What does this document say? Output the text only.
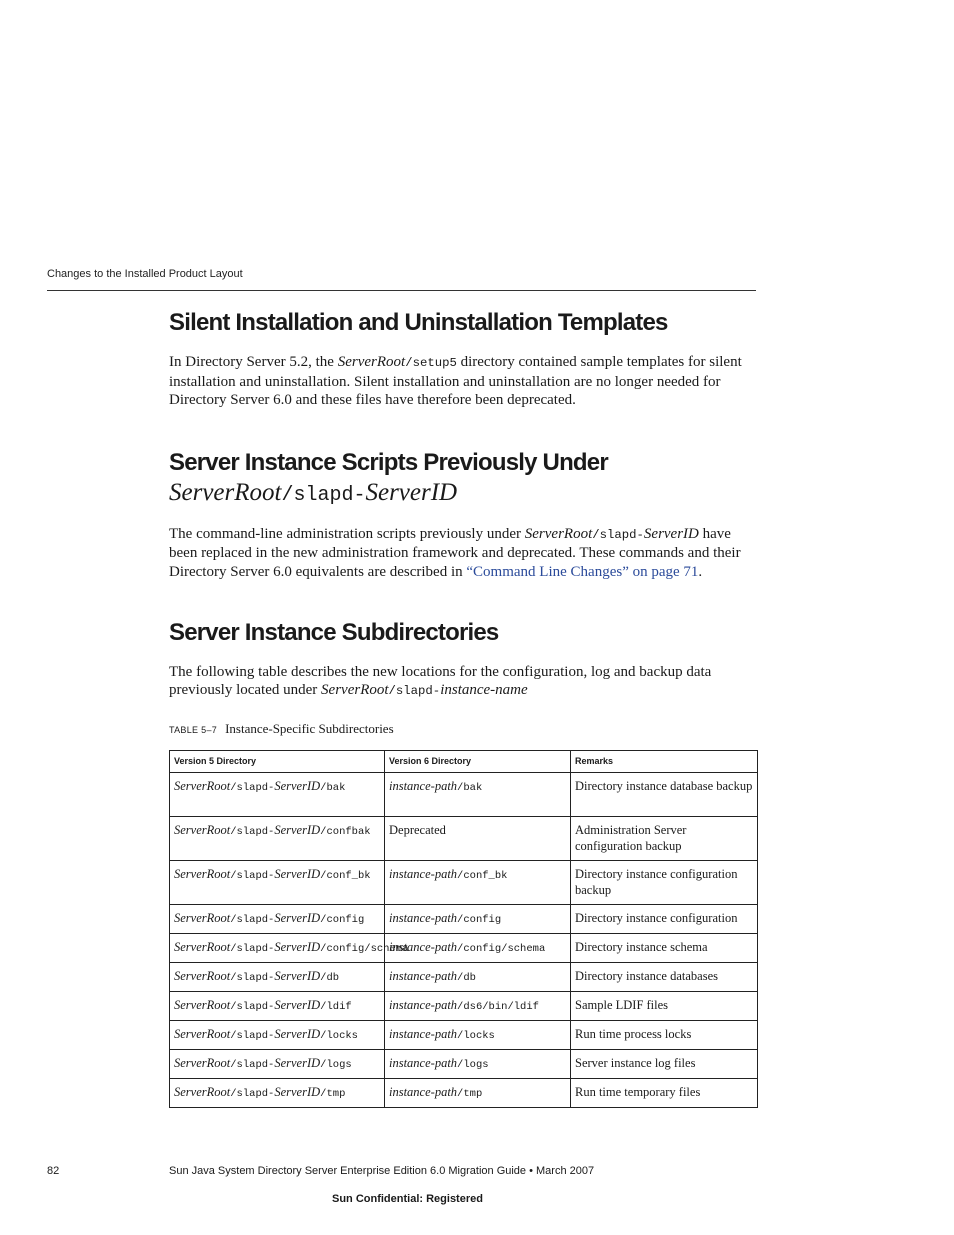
Changes to the Installed Product Layout
Silent Installation and Uninstallation Templates

In Directory Server 5.2, the ServerRoot/setup5 directory contained sample templates for silent installation and uninstallation. Silent installation and uninstallation are no longer needed for Directory Server 6.0 and these files have therefore been deprecated.

Server Instance Scripts Previously Under
ServerRoot/slapd-ServerID

The command-line administration scripts previously under ServerRoot/slapd-ServerID have been replaced in the new administration framework and deprecated. These commands and their Directory Server 6.0 equivalents are described in “Command Line Changes” on page 71.

Server Instance Subdirectories

The following table describes the new locations for the configuration, log and backup data previously located under ServerRoot/slapd-instance-name

TABLE 5–7 Instance-Specific Subdirectories
Version 5 Directory	Version 6 Directory	Remarks
ServerRoot/slapd-ServerID/bak	instance-path/bak	Directory instance database backup
ServerRoot/slapd-ServerID/confbak	Deprecated	Administration Server configuration backup
ServerRoot/slapd-ServerID/conf_bk	instance-path/conf_bk	Directory instance configuration backup
ServerRoot/slapd-ServerID/config	instance-path/config	Directory instance configuration
ServerRoot/slapd-ServerID/config/schema	instance-path/config/schema	Directory instance schema
ServerRoot/slapd-ServerID/db	instance-path/db	Directory instance databases
ServerRoot/slapd-ServerID/ldif	instance-path/ds6/bin/ldif	Sample LDIF files
ServerRoot/slapd-ServerID/locks	instance-path/locks	Run time process locks
ServerRoot/slapd-ServerID/logs	instance-path/logs	Server instance log files
ServerRoot/slapd-ServerID/tmp	instance-path/tmp	Run time temporary files
82	Sun Java System Directory Server Enterprise Edition 6.0 Migration Guide • March 2007
Sun Confidential: Registered
